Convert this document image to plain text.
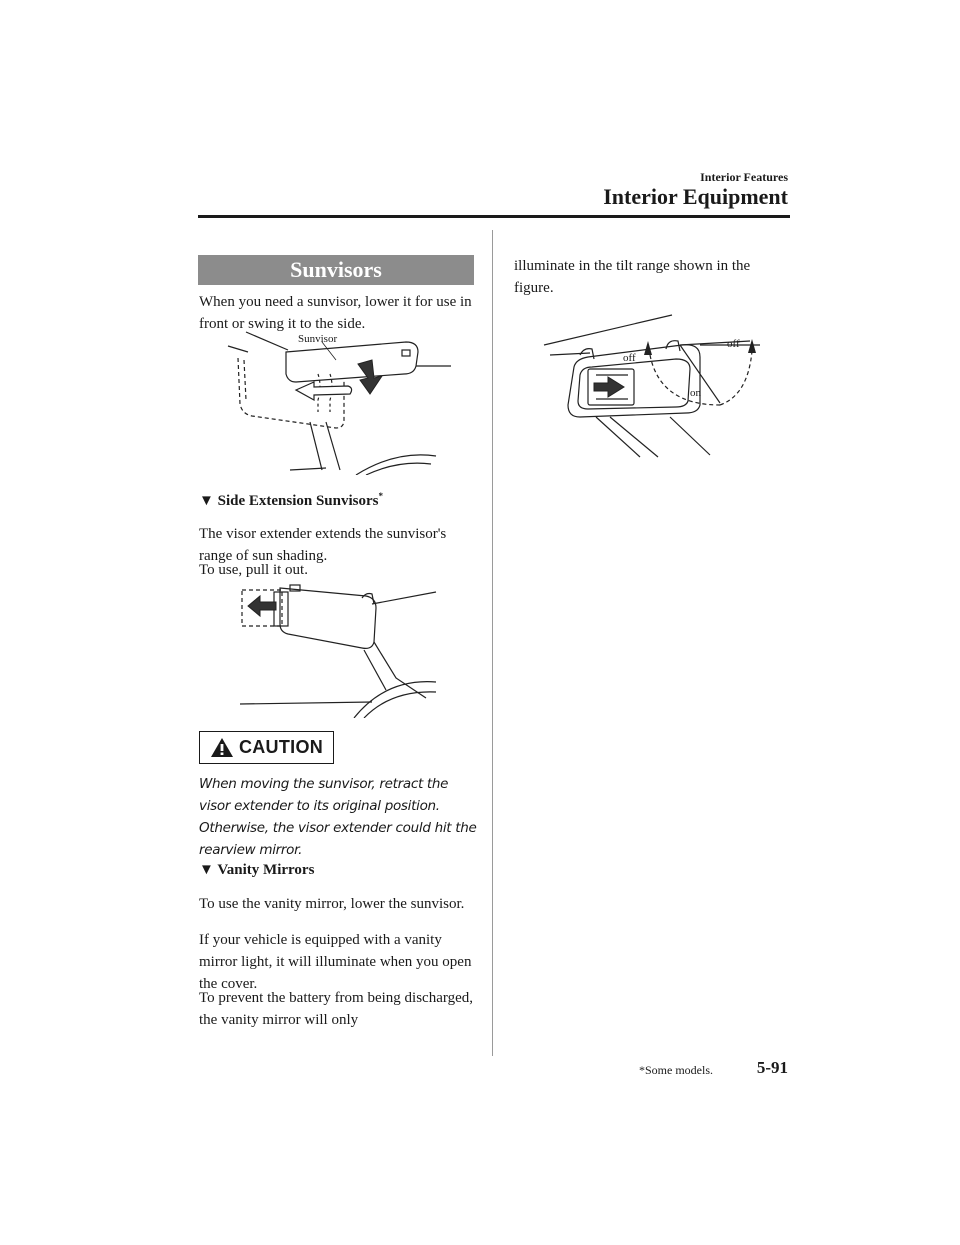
Interior Features
Interior Equipment
Sunvisors
When you need a sunvisor, lower it for use in front or swing it to the side.
Sunvisor
▼ Side Extension Sunvisors*
The visor extender extends the sunvisor's range of sun shading.
To use, pull it out.
CAUTION
When moving the sunvisor, retract the visor extender to its original position. Otherwise, the visor extender could hit the rearview mirror.
▼ Vanity Mirrors
To use the vanity mirror, lower the sunvisor.
If your vehicle is equipped with a vanity mirror light, it will illuminate when you open the cover.
To prevent the battery from being discharged, the vanity mirror will only
illuminate in the tilt range shown in the figure.
off
off
on
*Some models.	5-91
